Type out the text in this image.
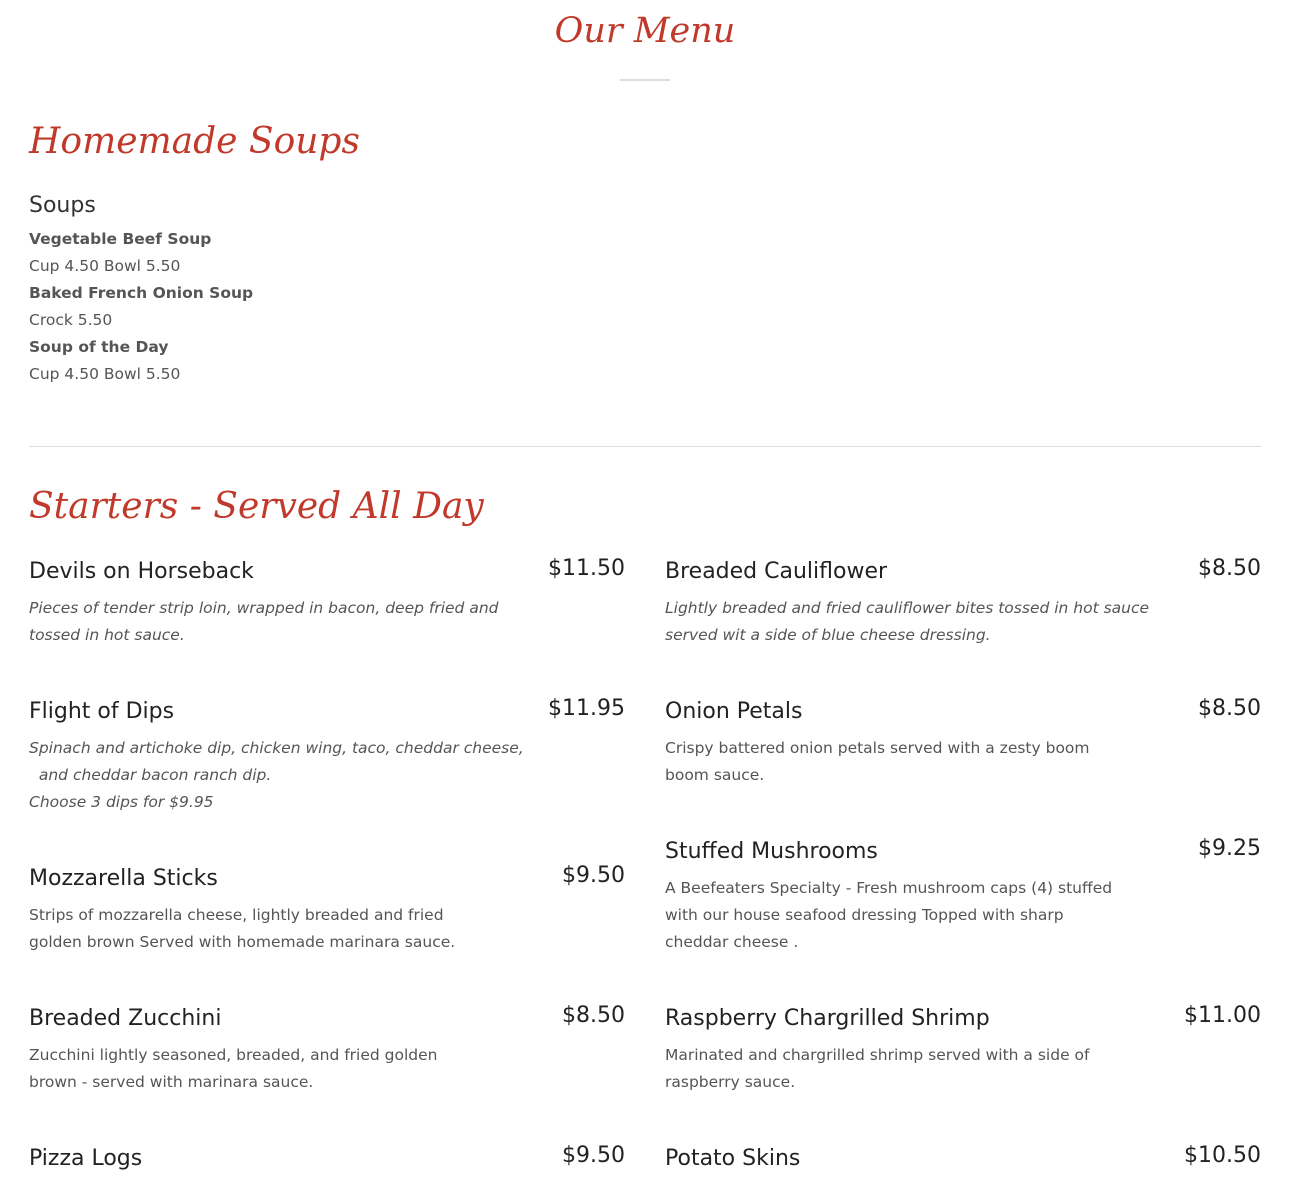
Our Menu
Homemade Soups
Soups
Vegetable Beef Soup
Cup 4.50 Bowl 5.50
Baked French Onion Soup
Crock 5.50
Soup of the Day
Cup 4.50 Bowl 5.50
Starters - Served All Day
Devils on Horseback	$11.50
Pieces of tender strip loin, wrapped in bacon, deep fried and
tossed in hot sauce.
Flight of Dips	$11.95
Spinach and artichoke dip, chicken wing, taco, cheddar cheese,
and cheddar bacon ranch dip.
Choose 3 dips for $9.95
Mozzarella Sticks	$9.50
Strips of mozzarella cheese, lightly breaded and fried
golden brown Served with homemade marinara sauce.
Breaded Zucchini	$8.50
Zucchini lightly seasoned, breaded, and fried golden
brown - served with marinara sauce.
Pizza Logs	$9.50
Breaded Cauliflower	$8.50
Lightly breaded and fried cauliflower bites tossed in hot sauce
served wit a side of blue cheese dressing.
Onion Petals	$8.50
Crispy battered onion petals served with a zesty boom
boom sauce.
Stuffed Mushrooms	$9.25
A Beefeaters Specialty - Fresh mushroom caps (4) stuffed
with our house seafood dressing Topped with sharp
cheddar cheese .
Raspberry Chargrilled Shrimp	$11.00
Marinated and chargrilled shrimp served with a side of
raspberry sauce.
Potato Skins	$10.50
